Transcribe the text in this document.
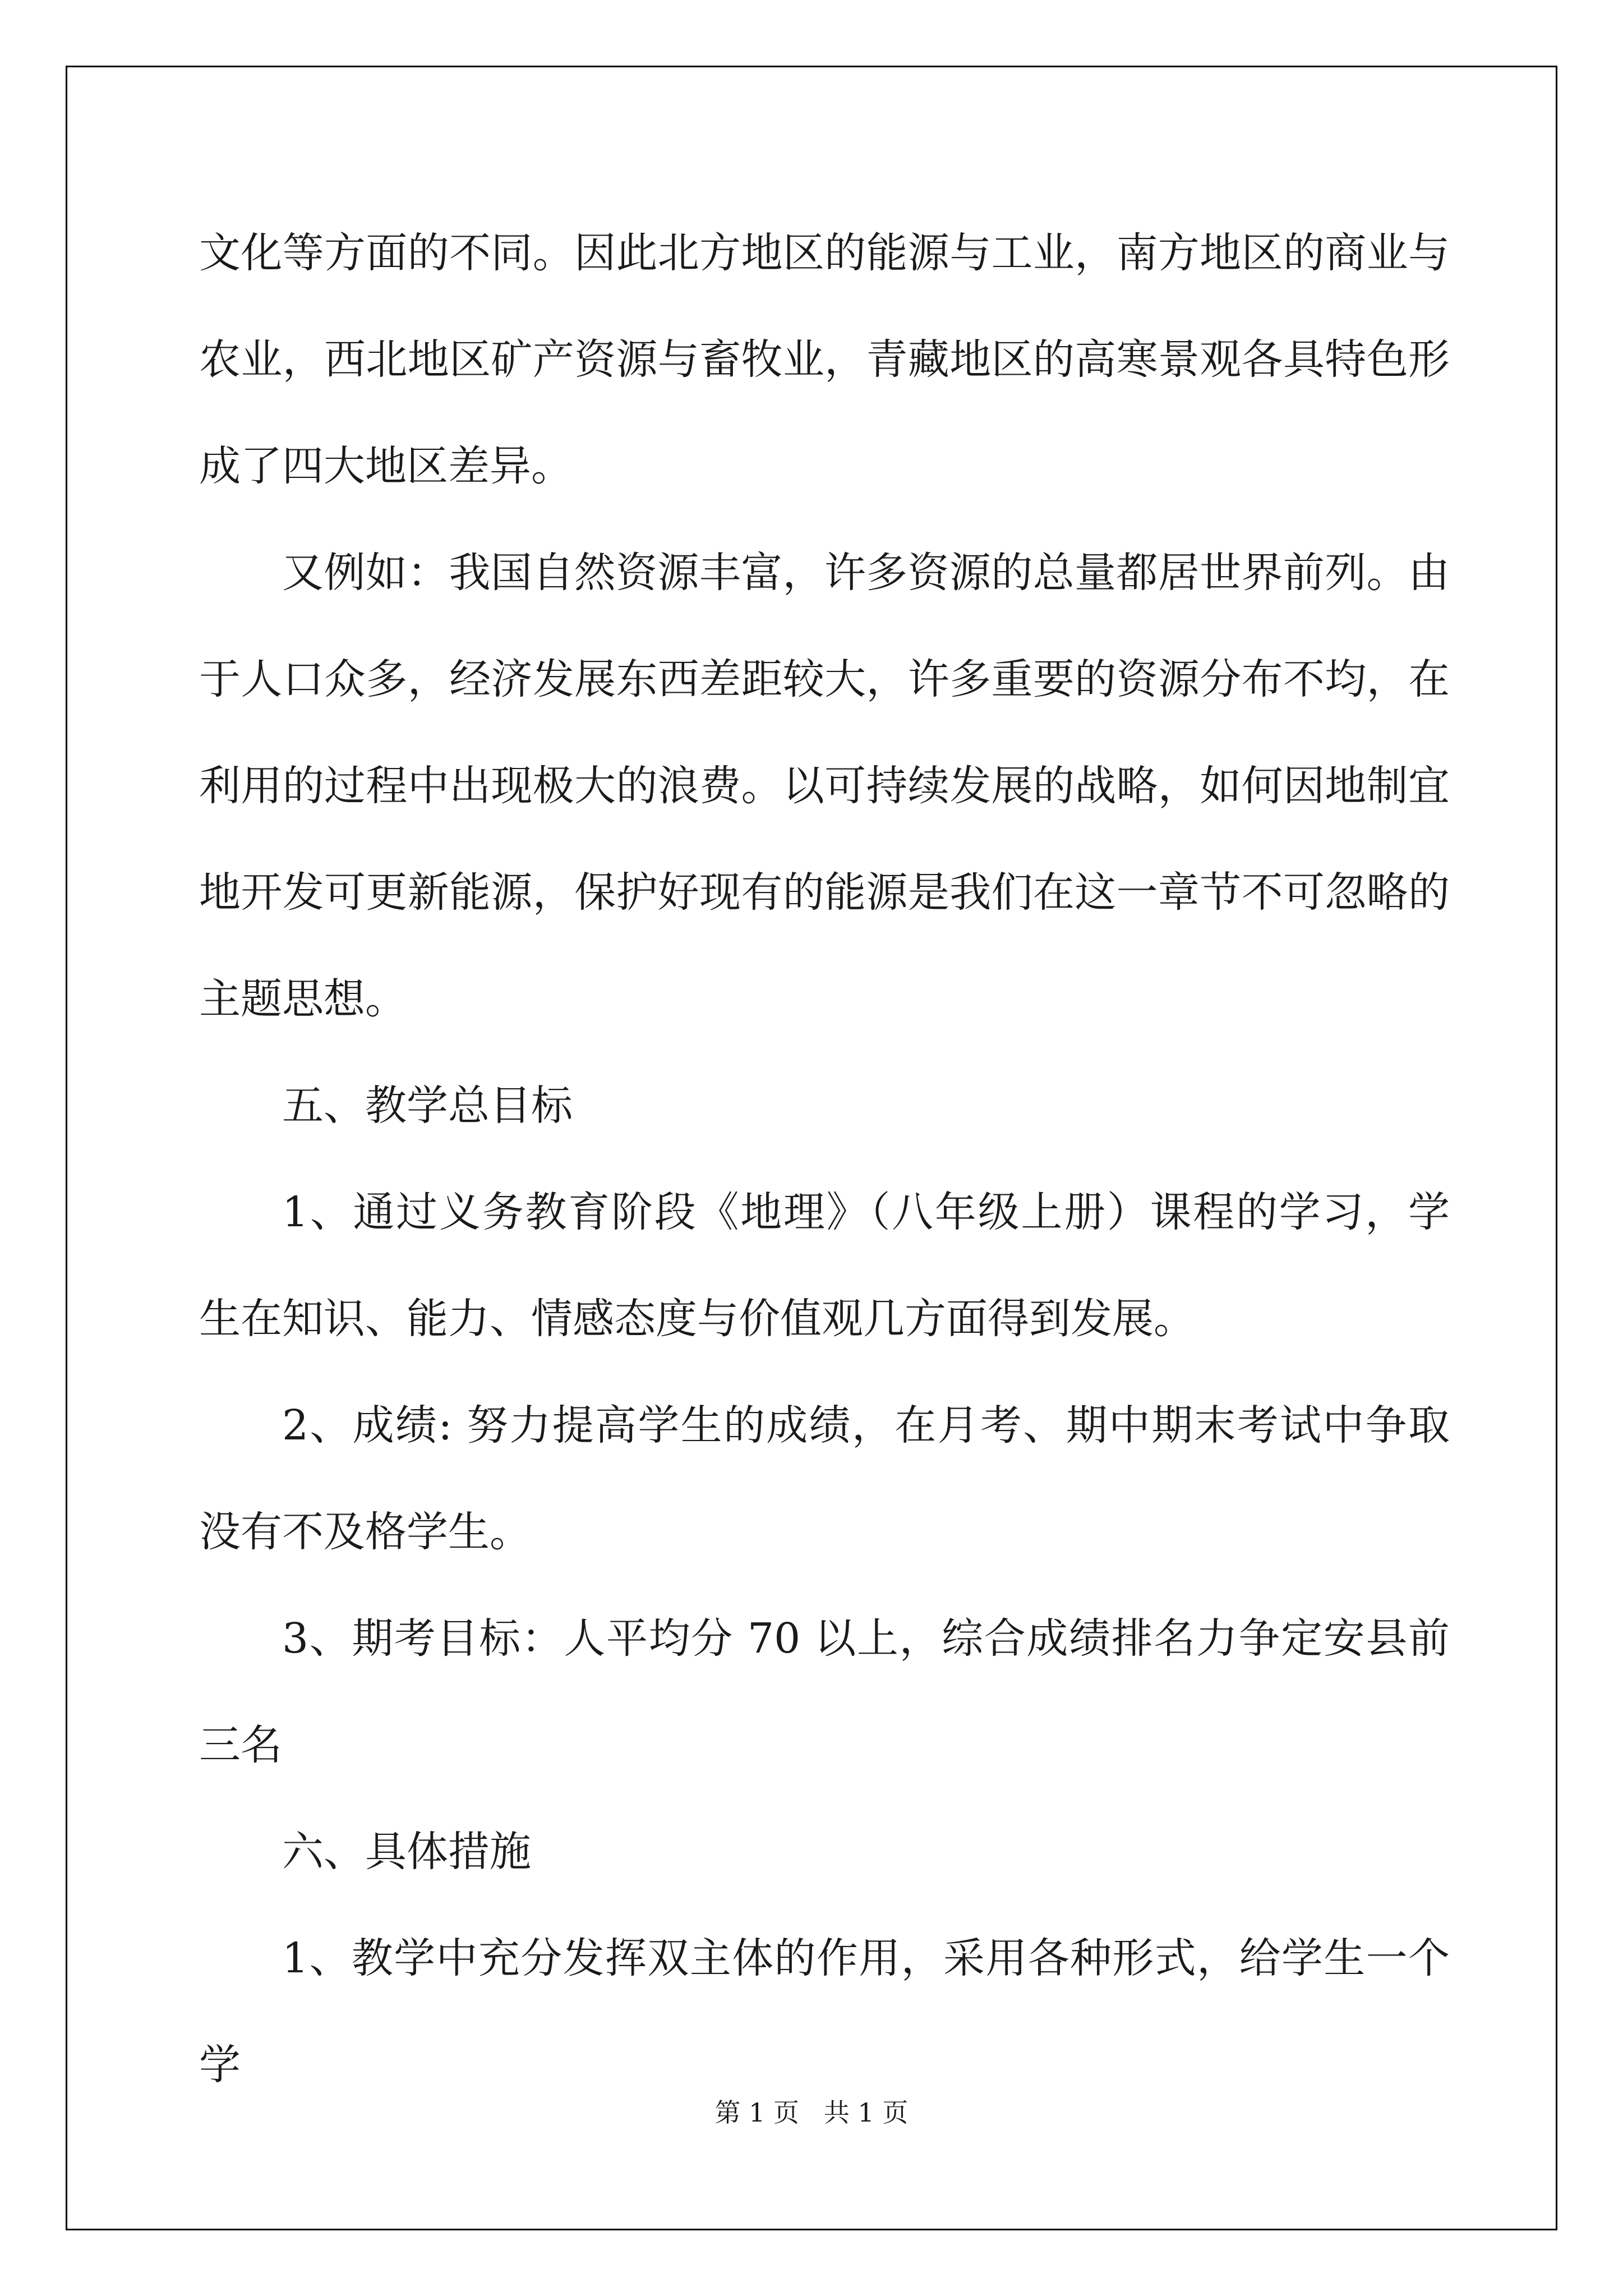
文化等方面的不同。因此北方地区的能源与工业，南方地区的商业与农业，西北地区矿产资源与畜牧业，青藏地区的高寒景观各具特色形成了四大地区差异。

又例如：我国自然资源丰富，许多资源的总量都居世界前列。由于人口众多，经济发展东西差距较大，许多重要的资源分布不均，在利用的过程中出现极大的浪费。以可持续发展的战略，如何因地制宜地开发可更新能源，保护好现有的能源是我们在这一章节不可忽略的主题思想。

五、教学总目标

1、通过义务教育阶段《地理》（八年级上册）课程的学习，学生在知识、能力、情感态度与价值观几方面得到发展。

2、成绩: 努力提高学生的成绩，在月考、期中期末考试中争取没有不及格学生。

3、期考目标：人平均分 70 以上，综合成绩排名力争定安县前三名

六、具体措施

1、教学中充分发挥双主体的作用，采用各种形式，给学生一个学

第 1 页   共 1 页
